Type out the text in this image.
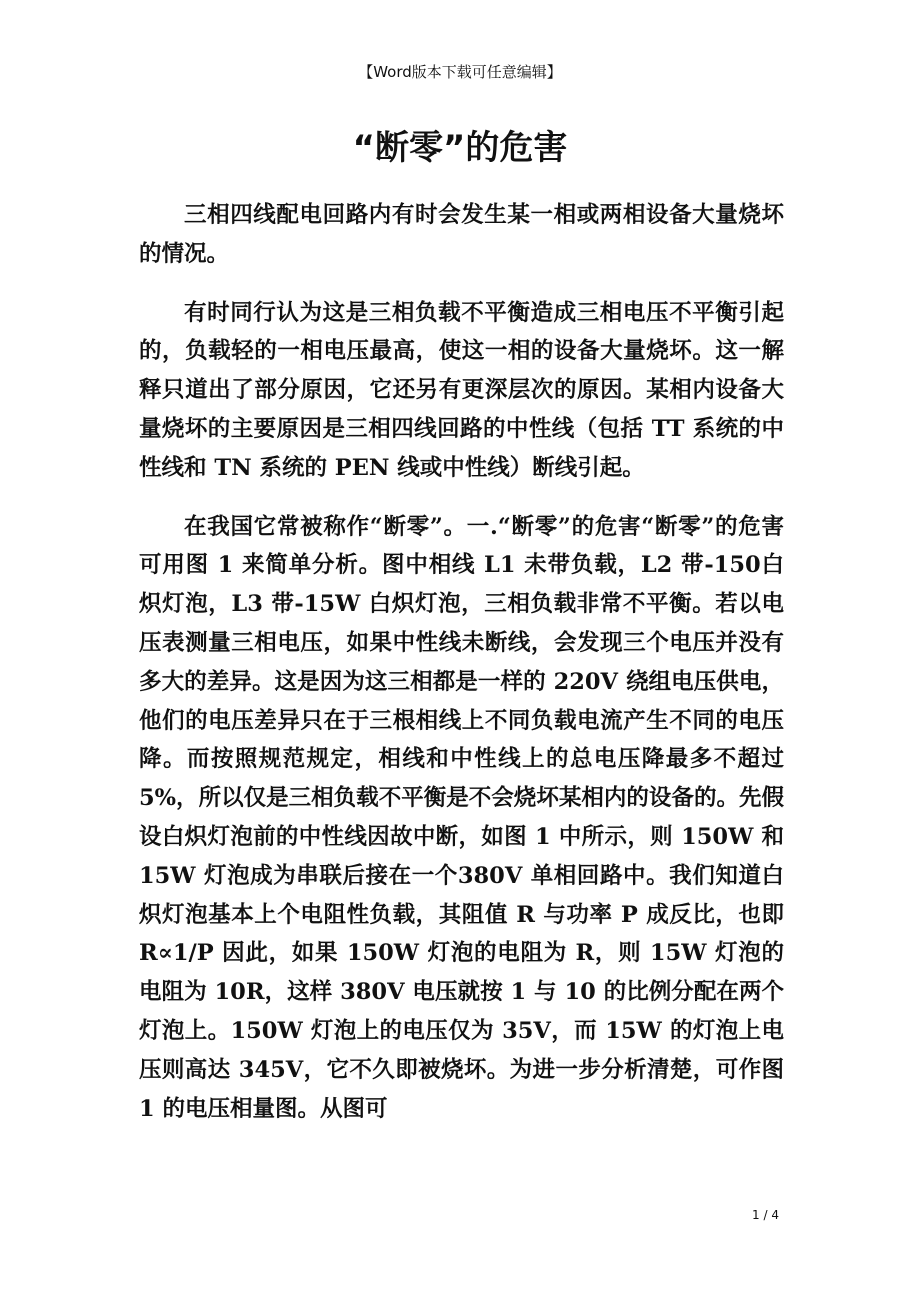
【Word版本下载可任意编辑】
“断零”的危害

三相四线配电回路内有时会发生某一相或两相设备大量烧坏的情况。

有时同行认为这是三相负载不平衡造成三相电压不平衡引起的，负载轻的一相电压最高，使这一相的设备大量烧坏。这一解释只道出了部分原因，它还另有更深层次的原因。某相内设备大量烧坏的主要原因是三相四线回路的中性线（包括 TT 系统的中性线和 TN 系统的 PEN 线或中性线）断线引起。

在我国它常被称作“断零”。一.“断零”的危害“断零”的危害可用图 1 来简单分析。图中相线 L1 未带负载，L2 带-150白炽灯泡，L3 带-15W 白炽灯泡，三相负载非常不平衡。若以电压表测量三相电压，如果中性线未断线，会发现三个电压并没有多大的差异。这是因为这三相都是一样的 220V 绕组电压供电，他们的电压差异只在于三根相线上不同负载电流产生不同的电压降。而按照规范规定，相线和中性线上的总电压降最多不超过 5%，所以仅是三相负载不平衡是不会烧坏某相内的设备的。先假设白炽灯泡前的中性线因故中断，如图 1 中所示，则 150W 和 15W 灯泡成为串联后接在一个380V 单相回路中。我们知道白炽灯泡基本上个电阻性负载，其阻值 R 与功率 P 成反比，也即 R∝1/P 因此，如果 150W 灯泡的电阻为 R，则 15W 灯泡的电阻为 10R，这样 380V 电压就按 1 与 10 的比例分配在两个灯泡上。150W 灯泡上的电压仅为 35V，而 15W 的灯泡上电压则高达 345V，它不久即被烧坏。为进一步分析清楚，可作图 1 的电压相量图。从图可

1 / 4
